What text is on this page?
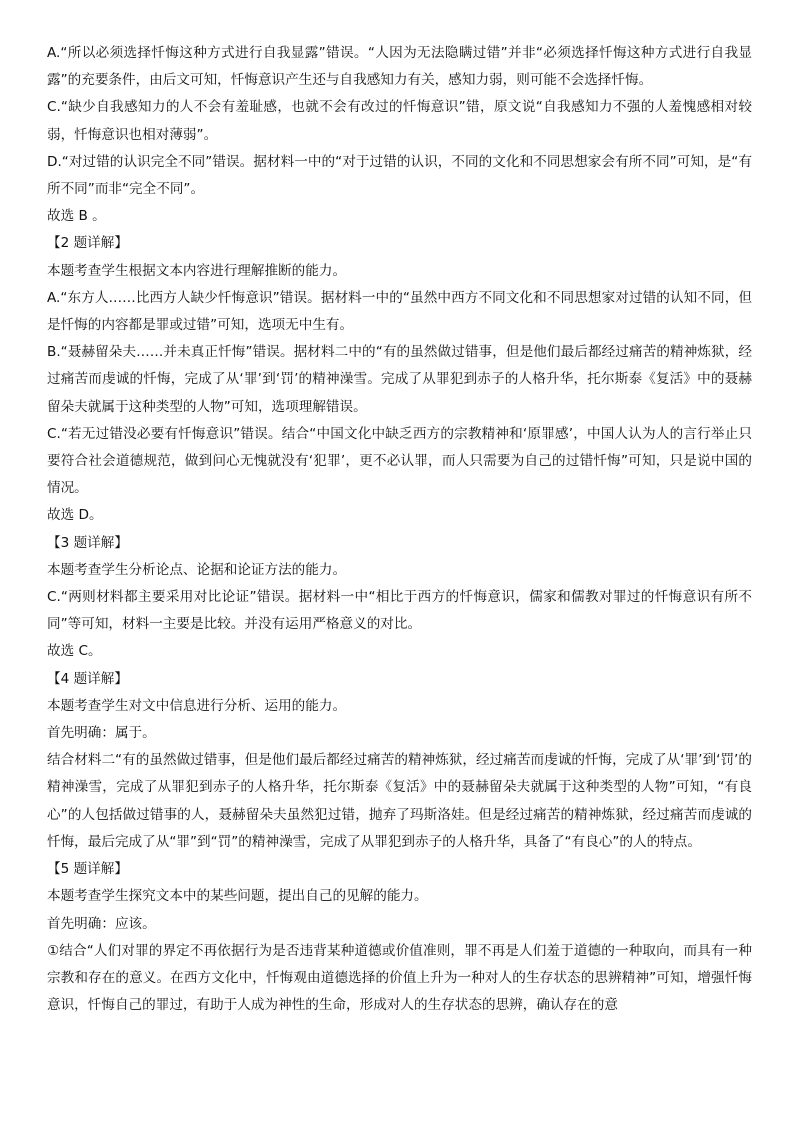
A.“所以必须选择忏悔这种方式进行自我显露”错误。“人因为无法隐瞒过错”并非“必须选择忏悔这种方式进行自我显露”的充要条件，由后文可知，忏悔意识产生还与自我感知力有关，感知力弱，则可能不会选择忏悔。

C.“缺少自我感知力的人不会有羞耻感，也就不会有改过的忏悔意识”错，原文说“自我感知力不强的人羞愧感相对较弱，忏悔意识也相对薄弱”。

D.“对过错的认识完全不同”错误。据材料一中的“对于过错的认识，不同的文化和不同思想家会有所不同”可知，是“有所不同”而非“完全不同”。

故选 B 。

【2 题详解】

本题考查学生根据文本内容进行理解推断的能力。

A.“东方人……比西方人缺少忏悔意识”错误。据材料一中的“虽然中西方不同文化和不同思想家对过错的认知不同，但是忏悔的内容都是罪或过错”可知，选项无中生有。

B.“聂赫留朵夫……并未真正忏悔”错误。据材料二中的“有的虽然做过错事，但是他们最后都经过痛苦的精神炼狱，经过痛苦而虔诚的忏悔，完成了从‘罪’到‘罚’的精神澡雪。完成了从罪犯到赤子的人格升华，托尔斯泰《复活》中的聂赫留朵夫就属于这种类型的人物”可知，选项理解错误。

C.“若无过错没必要有忏悔意识”错误。结合“中国文化中缺乏西方的宗教精神和‘原罪感’，中国人认为人的言行举止只要符合社会道德规范，做到问心无愧就没有‘犯罪’，更不必认罪，而人只需要为自己的过错忏悔”可知，只是说中国的情况。

故选 D。

【3 题详解】

本题考查学生分析论点、论据和论证方法的能力。

C.“两则材料都主要采用对比论证”错误。据材料一中“相比于西方的忏悔意识，儒家和儒教对罪过的忏悔意识有所不同”等可知，材料一主要是比较。并没有运用严格意义的对比。

故选 C。

【4 题详解】

本题考查学生对文中信息进行分析、运用的能力。

首先明确：属于。

结合材料二“有的虽然做过错事，但是他们最后都经过痛苦的精神炼狱，经过痛苦而虔诚的忏悔，完成了从‘罪’到‘罚’的精神澡雪，完成了从罪犯到赤子的人格升华，托尔斯泰《复活》中的聂赫留朵夫就属于这种类型的人物”可知，“有良心”的人包括做过错事的人，聂赫留朵夫虽然犯过错，抛弃了玛斯洛娃。但是经过痛苦的精神炼狱，经过痛苦而虔诚的忏悔，最后完成了从“罪”到“罚”的精神澡雪，完成了从罪犯到赤子的人格升华，具备了“有良心”的人的特点。

【5 题详解】

本题考查学生探究文本中的某些问题，提出自己的见解的能力。

首先明确：应该。

①结合“人们对罪的界定不再依据行为是否违背某种道德或价值准则，罪不再是人们羞于道德的一种取向，而具有一种宗教和存在的意义。在西方文化中，忏悔观由道德选择的价值上升为一种对人的生存状态的思辨精神”可知，增强忏悔意识，忏悔自己的罪过，有助于人成为神性的生命，形成对人的生存状态的思辨，确认存在的意
